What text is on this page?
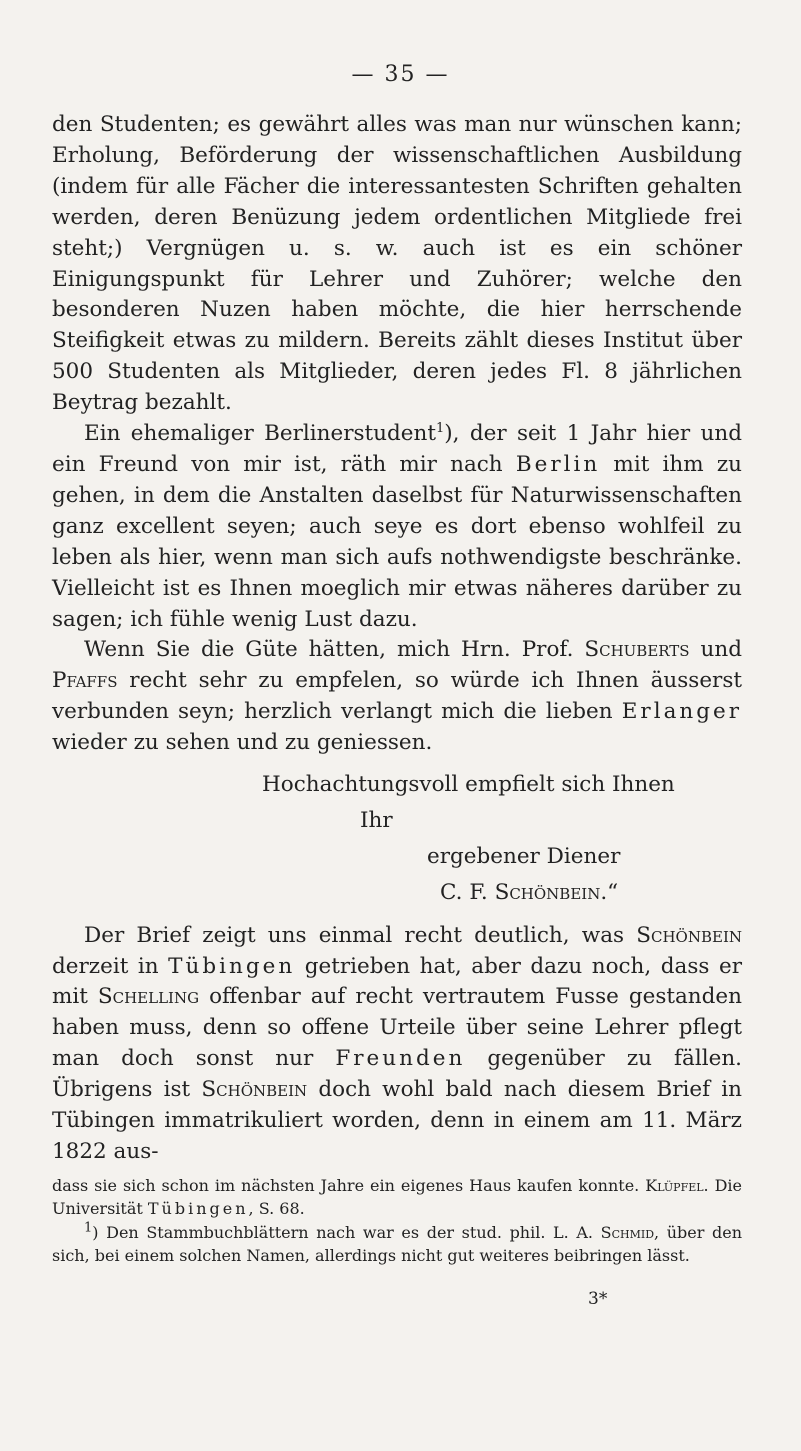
— 35 —

den Studenten; es gewährt alles was man nur wünschen kann; Erholung, Beförderung der wissenschaftlichen Ausbildung (indem für alle Fächer die interessantesten Schriften gehalten werden, deren Benüzung jedem ordentlichen Mitgliede frei steht;) Vergnügen u. s. w. auch ist es ein schöner Einigungspunkt für Lehrer und Zuhörer; welche den besonderen Nuzen haben möchte, die hier herrschende Steifigkeit etwas zu mildern. Bereits zählt dieses Institut über 500 Studenten als Mitglieder, deren jedes Fl. 8 jährlichen Beytrag bezahlt.

Ein ehemaliger Berlinerstudent$^1$), der seit 1 Jahr hier und ein Freund von mir ist, räth mir nach Berlin mit ihm zu gehen, in dem die Anstalten daselbst für Naturwissenschaften ganz excellent seyen; auch seye es dort ebenso wohlfeil zu leben als hier, wenn man sich aufs nothwendigste beschränke. Vielleicht ist es Ihnen moeglich mir etwas näheres darüber zu sagen; ich fühle wenig Lust dazu.

Wenn Sie die Güte hätten, mich Hrn. Prof. Schuberts und Pfaffs recht sehr zu empfelen, so würde ich Ihnen äusserst verbunden seyn; herzlich verlangt mich die lieben Erlanger wieder zu sehen und zu geniessen.

Hochachtungsvoll empfielt sich Ihnen

Ihr

ergebener Diener

C. F. Schönbein.“

Der Brief zeigt uns einmal recht deutlich, was Schönbein derzeit in Tübingen getrieben hat, aber dazu noch, dass er mit Schelling offenbar auf recht vertrautem Fusse gestanden haben muss, denn so offene Urteile über seine Lehrer pflegt man doch sonst nur Freunden gegenüber zu fällen. Übrigens ist Schönbein doch wohl bald nach diesem Brief in Tübingen immatrikuliert worden, denn in einem am 11. März 1822 aus-

dass sie sich schon im nächsten Jahre ein eigenes Haus kaufen konnte. Klüpfel. Die Universität Tübingen, S. 68.

$^1$) Den Stammbuchblättern nach war es der stud. phil. L. A. Schmid, über den sich, bei einem solchen Namen, allerdings nicht gut weiteres beibringen lässt.

3*
